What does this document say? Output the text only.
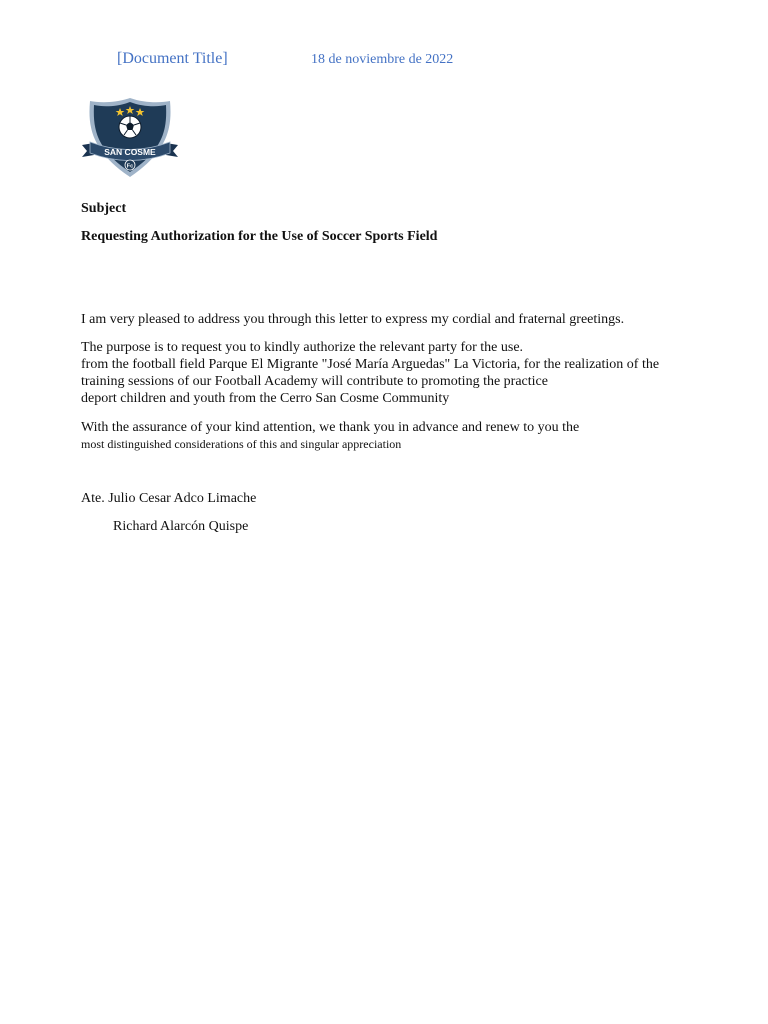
[Document Title]	18 de noviembre de 2022
SAN COSME
Fc
Subject
Requesting Authorization for the Use of Soccer Sports Field
I am very pleased to address you through this letter to express my cordial and fraternal greetings.
The purpose is to request you to kindly authorize the relevant party for the use.
from the football field Parque El Migrante "José María Arguedas" La Victoria, for the realization of the
training sessions of our Football Academy will contribute to promoting the practice
deport children and youth from the Cerro San Cosme Community
With the assurance of your kind attention, we thank you in advance and renew to you the
most distinguished considerations of this and singular appreciation
Ate. Julio Cesar Adco Limache
Richard Alarcón Quispe
